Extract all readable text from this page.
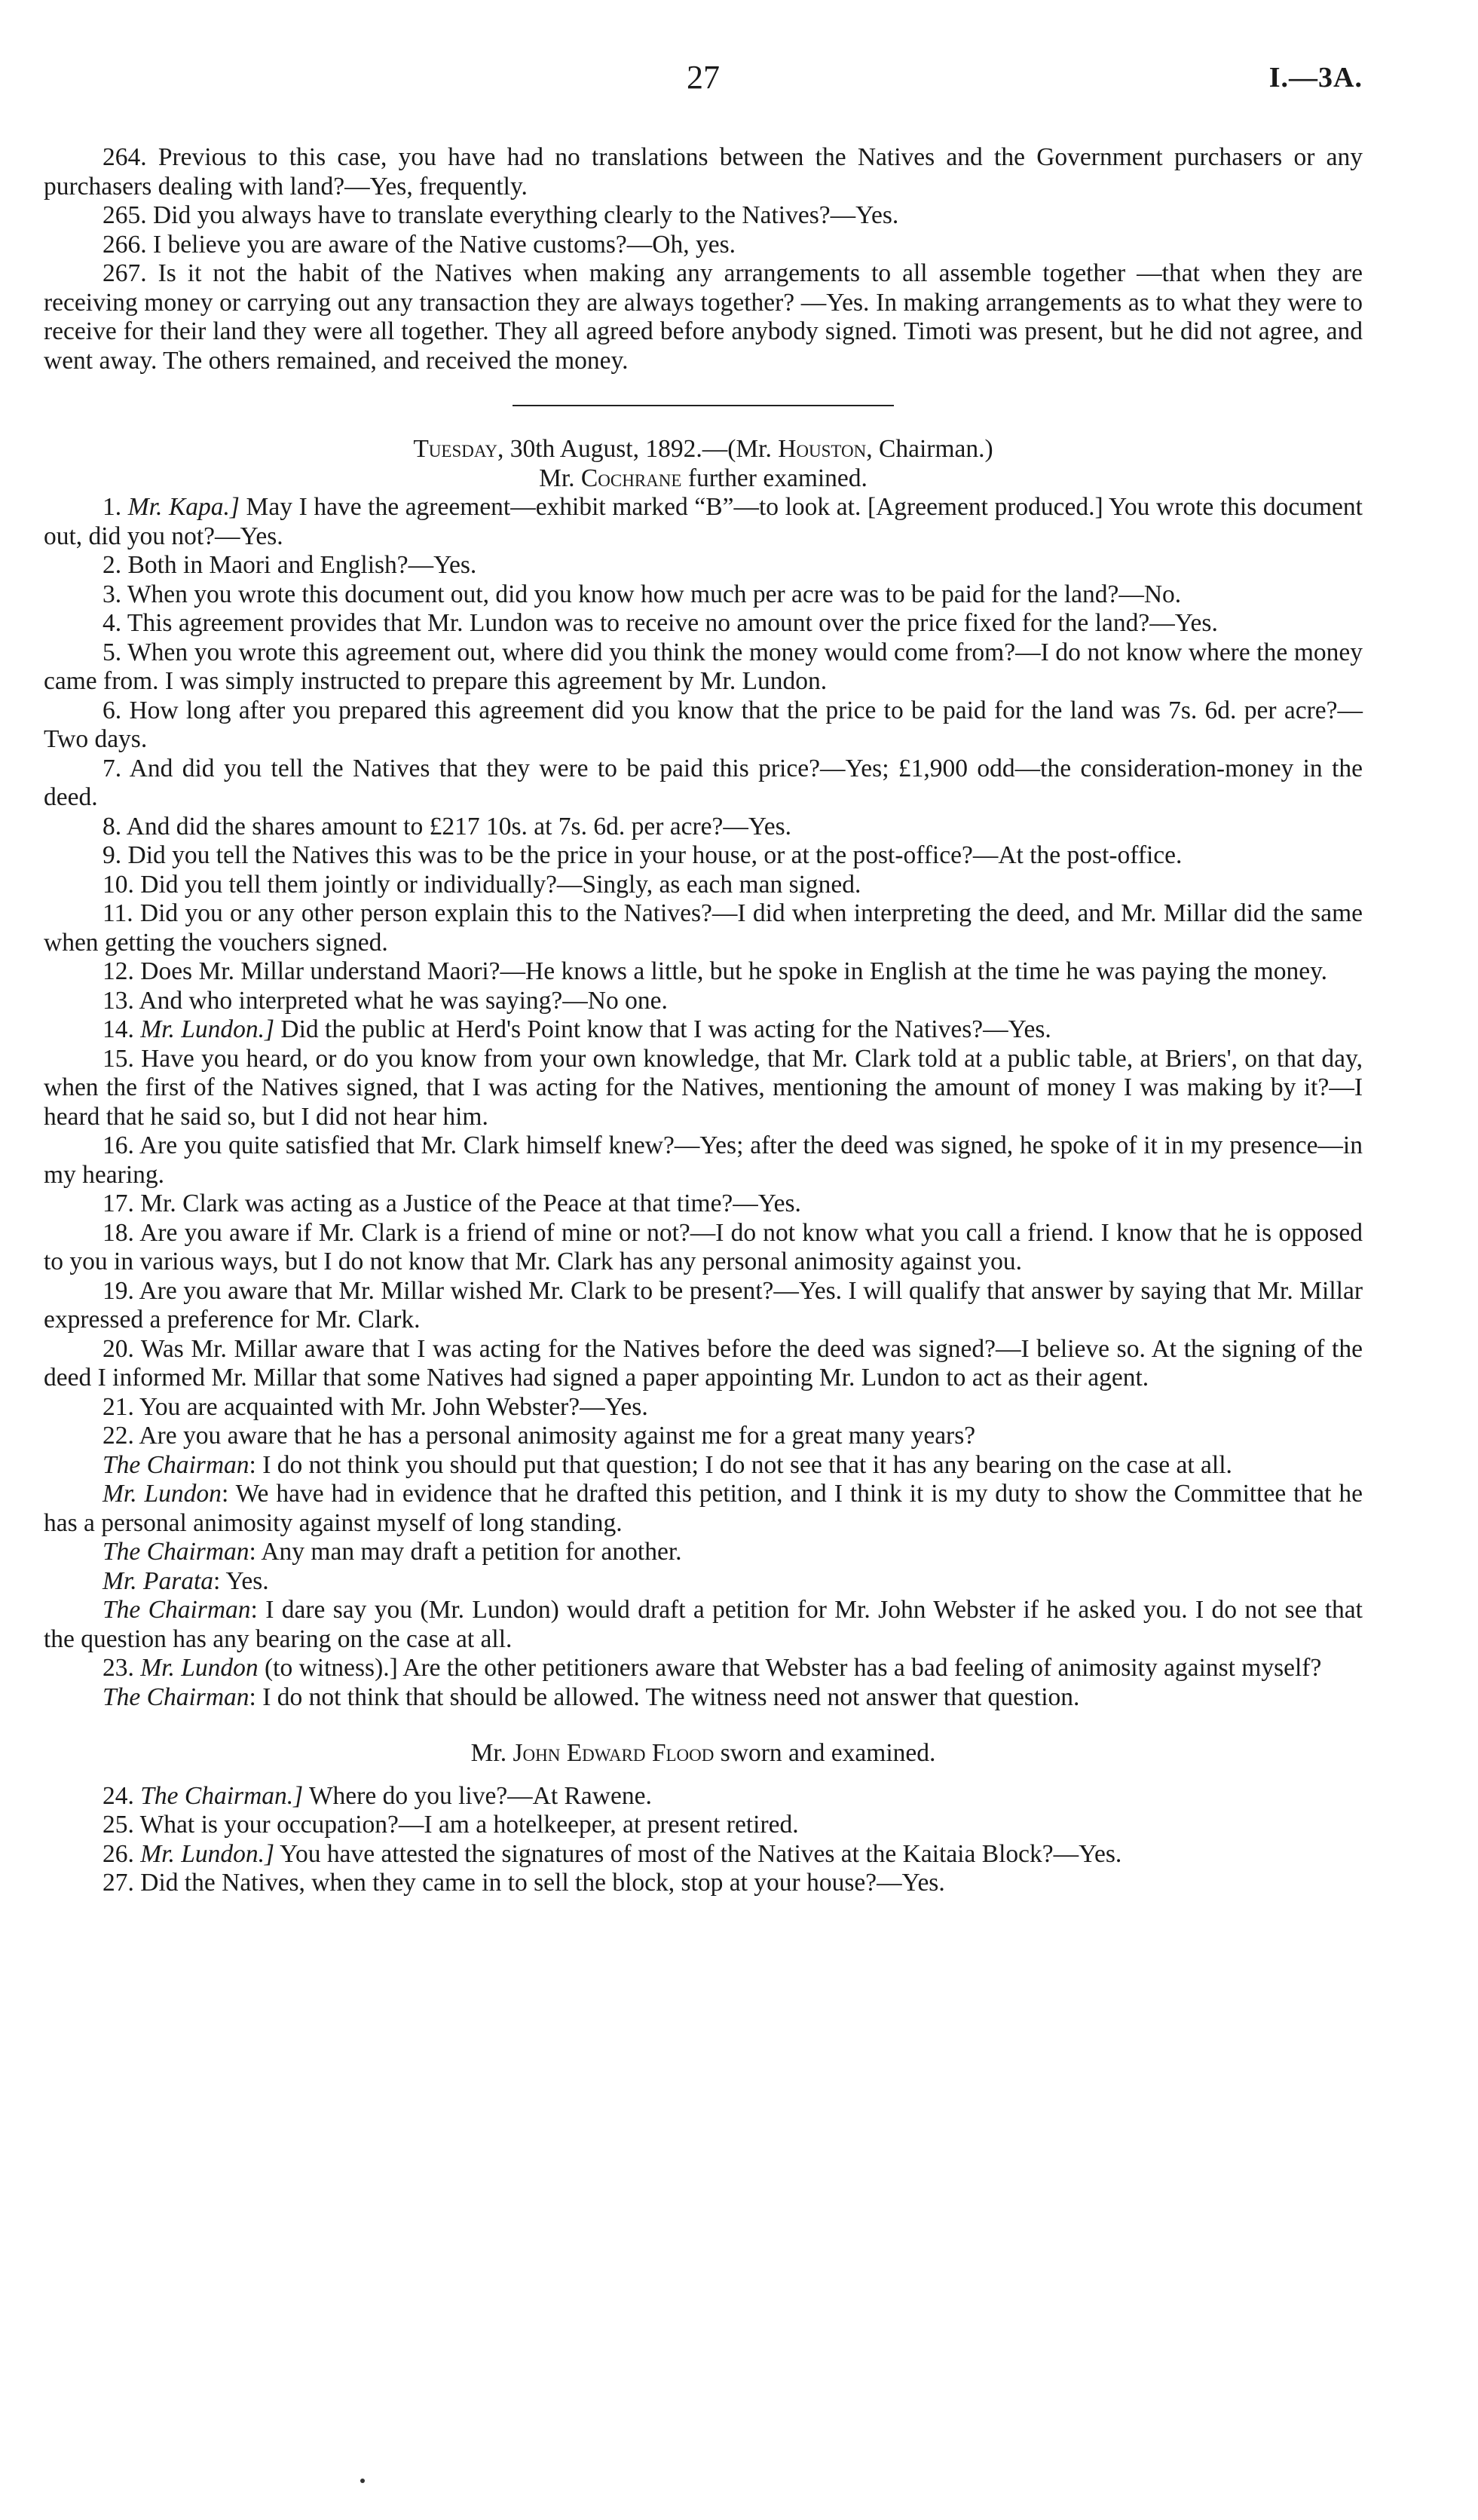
27	I.—3A.

264. Previous to this case, you have had no translations between the Natives and the Government purchasers or any purchasers dealing with land?—Yes, frequently.

265. Did you always have to translate everything clearly to the Natives?—Yes.

266. I believe you are aware of the Native customs?—Oh, yes.

267. Is it not the habit of the Natives when making any arrangements to all assemble together —that when they are receiving money or carrying out any transaction they are always together? —Yes. In making arrangements as to what they were to receive for their land they were all together. They all agreed before anybody signed. Timoti was present, but he did not agree, and went away. The others remained, and received the money.

Tuesday, 30th August, 1892.—(Mr. Houston, Chairman.)

Mr. Cochrane further examined.

1. Mr. Kapa.] May I have the agreement—exhibit marked “B”—to look at. [Agreement produced.] You wrote this document out, did you not?—Yes.

2. Both in Maori and English?—Yes.

3. When you wrote this document out, did you know how much per acre was to be paid for the land?—No.

4. This agreement provides that Mr. Lundon was to receive no amount over the price fixed for the land?—Yes.

5. When you wrote this agreement out, where did you think the money would come from?—I do not know where the money came from. I was simply instructed to prepare this agreement by Mr. Lundon.

6. How long after you prepared this agreement did you know that the price to be paid for the land was 7s. 6d. per acre?—Two days.

7. And did you tell the Natives that they were to be paid this price?—Yes; £1,900 odd—the consideration-money in the deed.

8. And did the shares amount to £217 10s. at 7s. 6d. per acre?—Yes.

9. Did you tell the Natives this was to be the price in your house, or at the post-office?—At the post-office.

10. Did you tell them jointly or individually?—Singly, as each man signed.

11. Did you or any other person explain this to the Natives?—I did when interpreting the deed, and Mr. Millar did the same when getting the vouchers signed.

12. Does Mr. Millar understand Maori?—He knows a little, but he spoke in English at the time he was paying the money.

13. And who interpreted what he was saying?—No one.

14. Mr. Lundon.] Did the public at Herd's Point know that I was acting for the Natives?—Yes.

15. Have you heard, or do you know from your own knowledge, that Mr. Clark told at a public table, at Briers', on that day, when the first of the Natives signed, that I was acting for the Natives, mentioning the amount of money I was making by it?—I heard that he said so, but I did not hear him.

16. Are you quite satisfied that Mr. Clark himself knew?—Yes; after the deed was signed, he spoke of it in my presence—in my hearing.

17. Mr. Clark was acting as a Justice of the Peace at that time?—Yes.

18. Are you aware if Mr. Clark is a friend of mine or not?—I do not know what you call a friend. I know that he is opposed to you in various ways, but I do not know that Mr. Clark has any personal animosity against you.

19. Are you aware that Mr. Millar wished Mr. Clark to be present?—Yes. I will qualify that answer by saying that Mr. Millar expressed a preference for Mr. Clark.

20. Was Mr. Millar aware that I was acting for the Natives before the deed was signed?—I believe so. At the signing of the deed I informed Mr. Millar that some Natives had signed a paper appointing Mr. Lundon to act as their agent.

21. You are acquainted with Mr. John Webster?—Yes.

22. Are you aware that he has a personal animosity against me for a great many years?

The Chairman: I do not think you should put that question; I do not see that it has any bearing on the case at all.

Mr. Lundon: We have had in evidence that he drafted this petition, and I think it is my duty to show the Committee that he has a personal animosity against myself of long standing.

The Chairman: Any man may draft a petition for another.

Mr. Parata: Yes.

The Chairman: I dare say you (Mr. Lundon) would draft a petition for Mr. John Webster if he asked you. I do not see that the question has any bearing on the case at all.

23. Mr. Lundon (to witness).] Are the other petitioners aware that Webster has a bad feeling of animosity against myself?

The Chairman: I do not think that should be allowed. The witness need not answer that question.

Mr. John Edward Flood sworn and examined.

24. The Chairman.] Where do you live?—At Rawene.

25. What is your occupation?—I am a hotelkeeper, at present retired.

26. Mr. Lundon.] You have attested the signatures of most of the Natives at the Kaitaia Block?—Yes.

27. Did the Natives, when they came in to sell the block, stop at your house?—Yes.
